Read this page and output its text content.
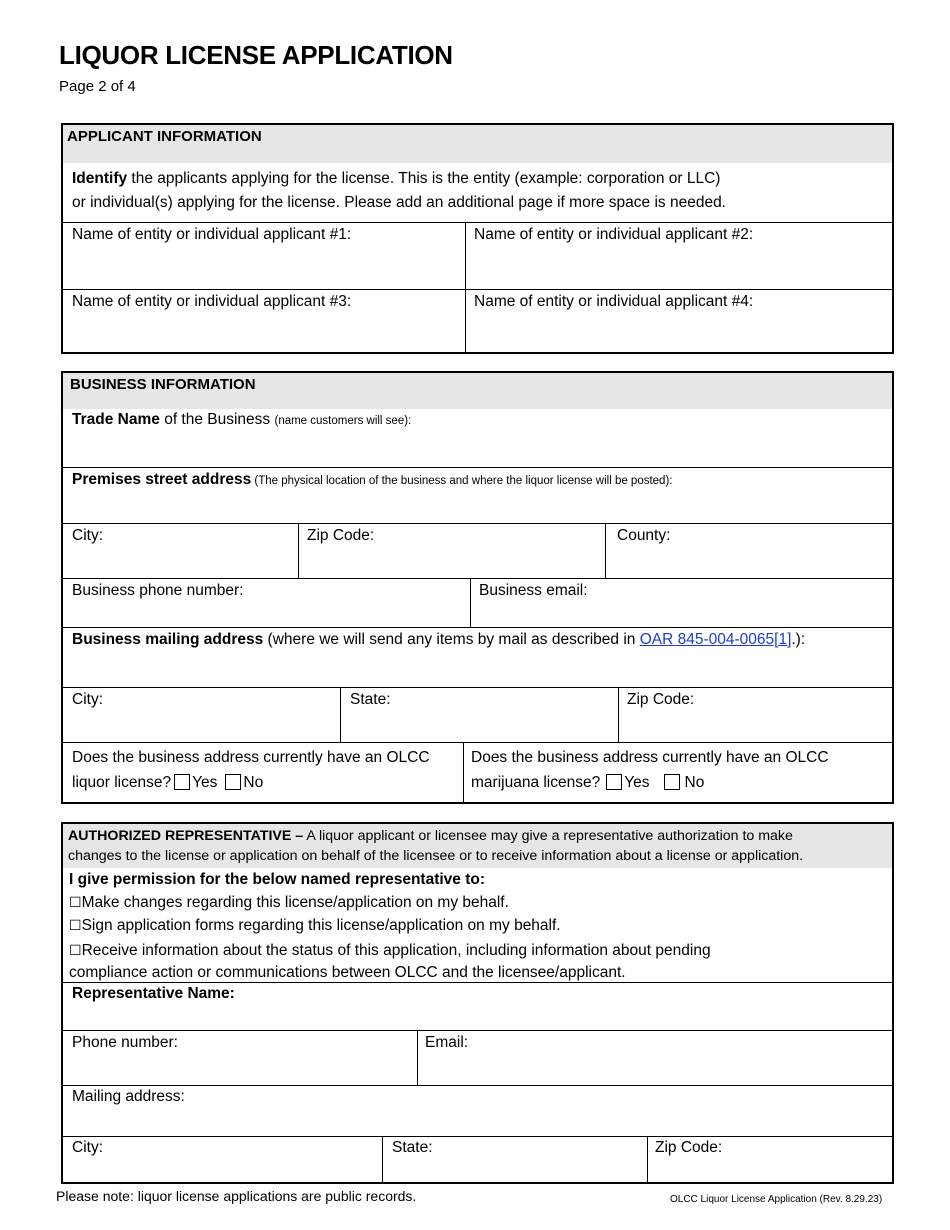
LIQUOR LICENSE APPLICATION
Page 2 of 4
APPLICANT INFORMATION
Identify the applicants applying for the license. This is the entity (example: corporation or LLC)
or individual(s) applying for the license. Please add an additional page if more space is needed.
Name of entity or individual applicant #1:	Name of entity or individual applicant #2:
Name of entity or individual applicant #3:	Name of entity or individual applicant #4:
BUSINESS INFORMATION
Trade Name of the Business (name customers will see):
Premises street address (The physical location of the business and where the liquor license will be posted):
City:	Zip Code:	County:
Business phone number:	Business email:
Business mailing address (where we will send any items by mail as described in OAR 845-004-0065[1].):
City:	State:	Zip Code:
Does the business address currently have an OLCC
liquor license? Yes No
Does the business address currently have an OLCC
marijuana license? Yes No
AUTHORIZED REPRESENTATIVE – A liquor applicant or licensee may give a representative authorization to make
changes to the license or application on behalf of the licensee or to receive information about a license or application.
I give permission for the below named representative to:
☐Make changes regarding this license/application on my behalf.
☐Sign application forms regarding this license/application on my behalf.
☐Receive information about the status of this application, including information about pending
compliance action or communications between OLCC and the licensee/applicant.
Representative Name:
Phone number:	Email:
Mailing address:
City:	State:	Zip Code:
Please note: liquor license applications are public records.	OLCC Liquor License Application (Rev. 8.29.23)
